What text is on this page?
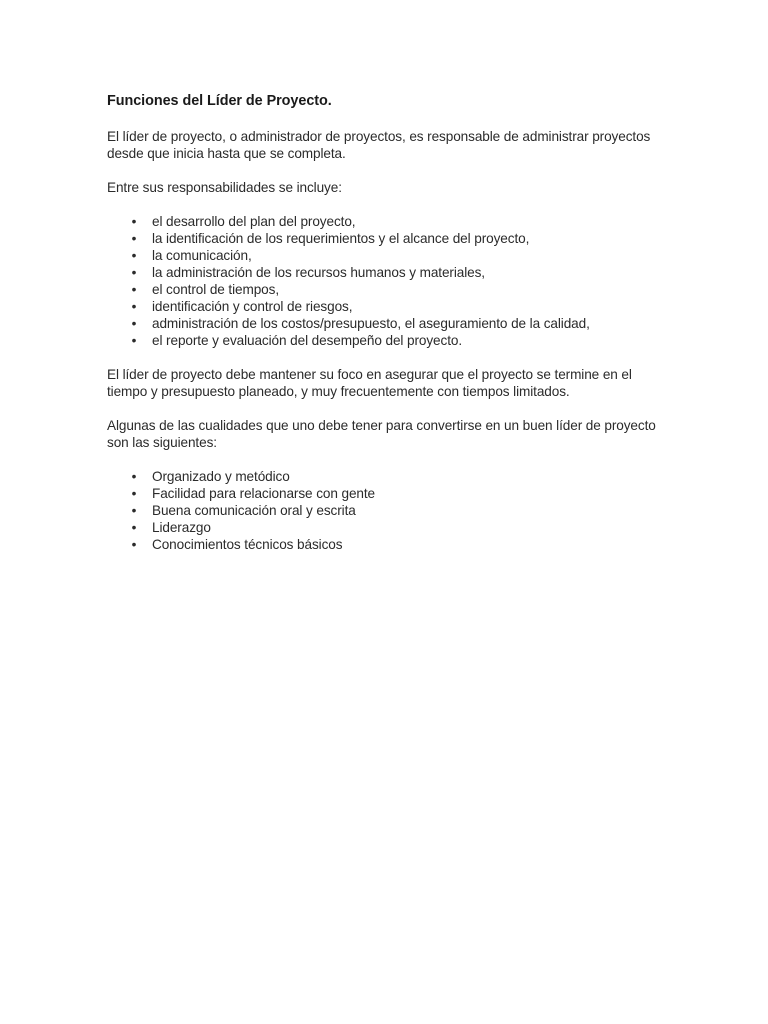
Funciones del Líder de Proyecto.

El líder de proyecto, o administrador de proyectos, es responsable de administrar proyectos desde que inicia hasta que se completa.

Entre sus responsabilidades se incluye:

• el desarrollo del plan del proyecto,
• la identificación de los requerimientos y el alcance del proyecto,
• la comunicación,
• la administración de los recursos humanos y materiales,
• el control de tiempos,
• identificación y control de riesgos,
• administración de los costos/presupuesto, el aseguramiento de la calidad,
• el reporte y evaluación del desempeño del proyecto.

El líder de proyecto debe mantener su foco en asegurar que el proyecto se termine en el tiempo y presupuesto planeado, y muy frecuentemente con tiempos limitados.

Algunas de las cualidades que uno debe tener para convertirse en un buen líder de proyecto son las siguientes:

• Organizado y metódico
• Facilidad para relacionarse con gente
• Buena comunicación oral y escrita
• Liderazgo
• Conocimientos técnicos básicos
